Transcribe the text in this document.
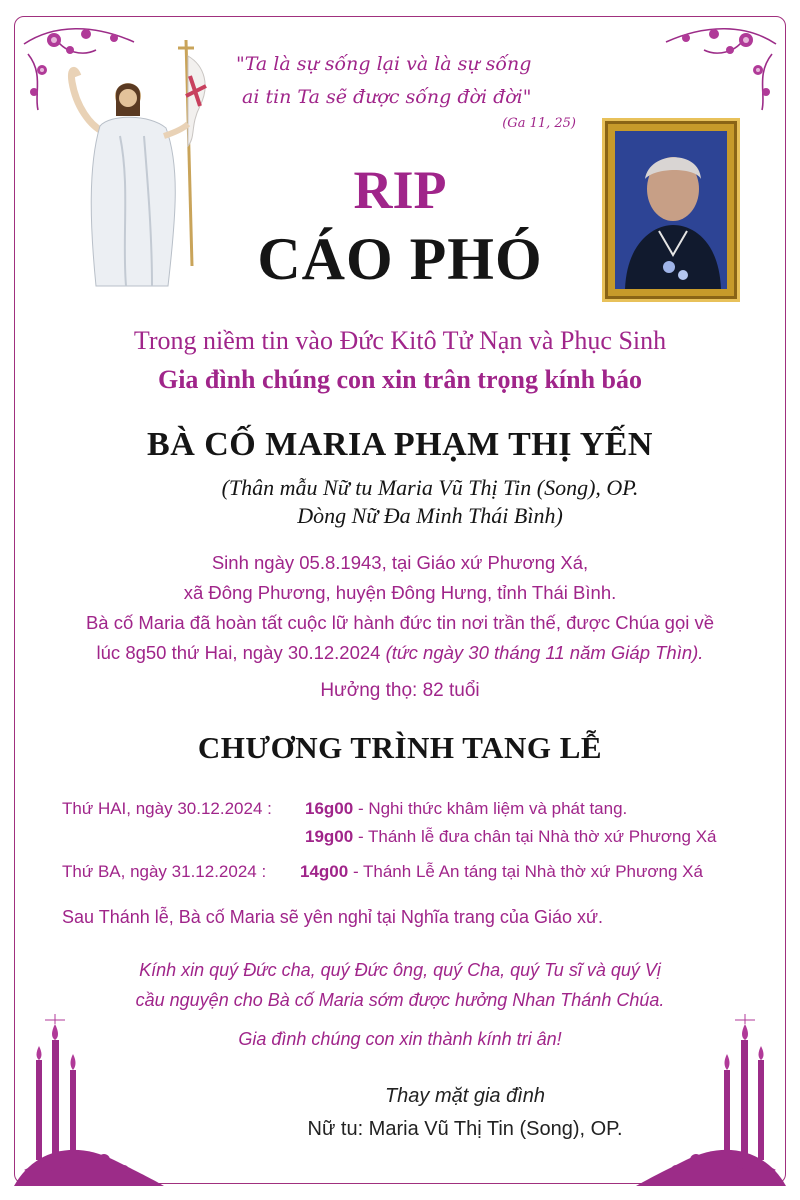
"Ta là sự sống lại và là sự sống
ai tin Ta sẽ được sống đời đời"
(Ga 11, 25)
RIP
CÁO PHÓ
Trong niềm tin vào Đức Kitô Tử Nạn và Phục Sinh
Gia đình chúng con xin trân trọng kính báo
BÀ CỐ MARIA PHẠM THỊ YẾN
(Thân mẫu Nữ tu Maria Vũ Thị Tin (Song), OP.
Dòng Nữ Đa Minh Thái Bình)
Sinh ngày 05.8.1943, tại Giáo xứ Phương Xá,
xã Đông Phương, huyện Đông Hưng, tỉnh Thái Bình.
Bà cố Maria đã hoàn tất cuộc lữ hành đức tin nơi trần thế, được Chúa gọi về
lúc 8g50 thứ Hai, ngày 30.12.2024 (tức ngày 30 tháng 11 năm Giáp Thìn).
Hưởng thọ: 82 tuổi
CHƯƠNG TRÌNH TANG LỄ
Thứ HAI, ngày 30.12.2024 : 16g00 - Nghi thức khâm liệm và phát tang.
19g00 - Thánh lễ đưa chân tại Nhà thờ xứ Phương Xá
Thứ BA, ngày 31.12.2024 : 14g00 - Thánh Lễ An táng tại Nhà thờ xứ Phương Xá
Sau Thánh lễ, Bà cố Maria sẽ yên nghỉ tại Nghĩa trang của Giáo xứ.
Kính xin quý Đức cha, quý Đức ông, quý Cha, quý Tu sĩ và quý Vị
cầu nguyện cho Bà cố Maria sớm được hưởng Nhan Thánh Chúa.
Gia đình chúng con xin thành kính tri ân!
Thay mặt gia đình
Nữ tu: Maria Vũ Thị Tin (Song), OP.
